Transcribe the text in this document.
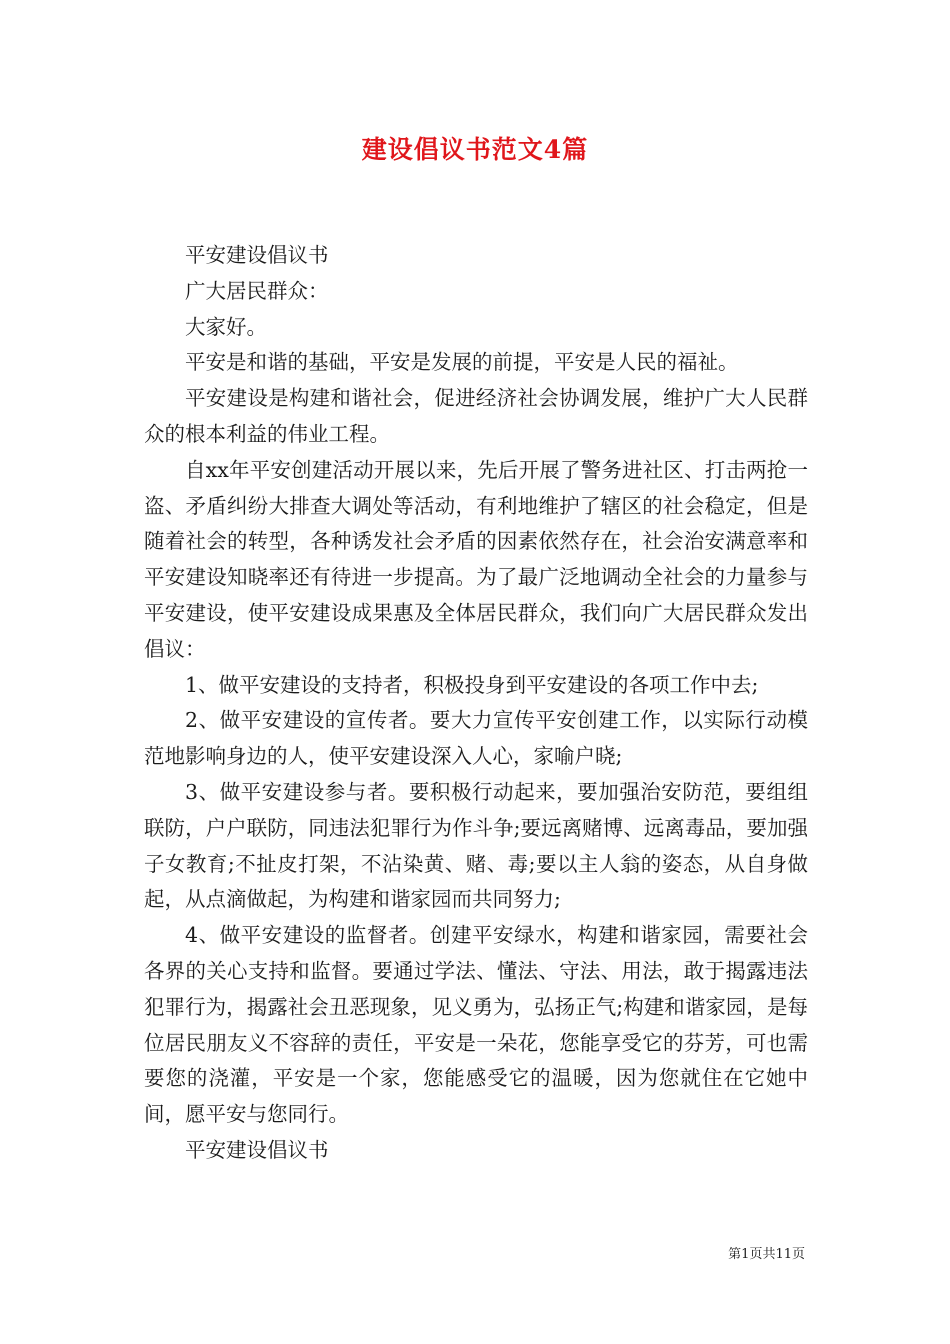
建设倡议书范文4篇

平安建设倡议书

广大居民群众：

大家好。

平安是和谐的基础，平安是发展的前提，平安是人民的福祉。

平安建设是构建和谐社会，促进经济社会协调发展，维护广大人民群众的根本利益的伟业工程。

自xx年平安创建活动开展以来，先后开展了警务进社区、打击两抢一盗、矛盾纠纷大排查大调处等活动，有利地维护了辖区的社会稳定，但是随着社会的转型，各种诱发社会矛盾的因素依然存在，社会治安满意率和平安建设知晓率还有待进一步提高。为了最广泛地调动全社会的力量参与平安建设，使平安建设成果惠及全体居民群众，我们向广大居民群众发出倡议：

1、做平安建设的支持者，积极投身到平安建设的各项工作中去;

2、做平安建设的宣传者。要大力宣传平安创建工作，以实际行动模范地影响身边的人，使平安建设深入人心，家喻户晓;

3、做平安建设参与者。要积极行动起来，要加强治安防范，要组组联防，户户联防，同违法犯罪行为作斗争;要远离赌博、远离毒品，要加强子女教育;不扯皮打架，不沾染黄、赌、毒;要以主人翁的姿态，从自身做起，从点滴做起，为构建和谐家园而共同努力;

4、做平安建设的监督者。创建平安绿水，构建和谐家园，需要社会各界的关心支持和监督。要通过学法、懂法、守法、用法，敢于揭露违法犯罪行为，揭露社会丑恶现象，见义勇为，弘扬正气;构建和谐家园，是每位居民朋友义不容辞的责任，平安是一朵花，您能享受它的芬芳，可也需要您的浇灌，平安是一个家，您能感受它的温暖，因为您就住在它她中间，愿平安与您同行。

平安建设倡议书

第1页共11页
